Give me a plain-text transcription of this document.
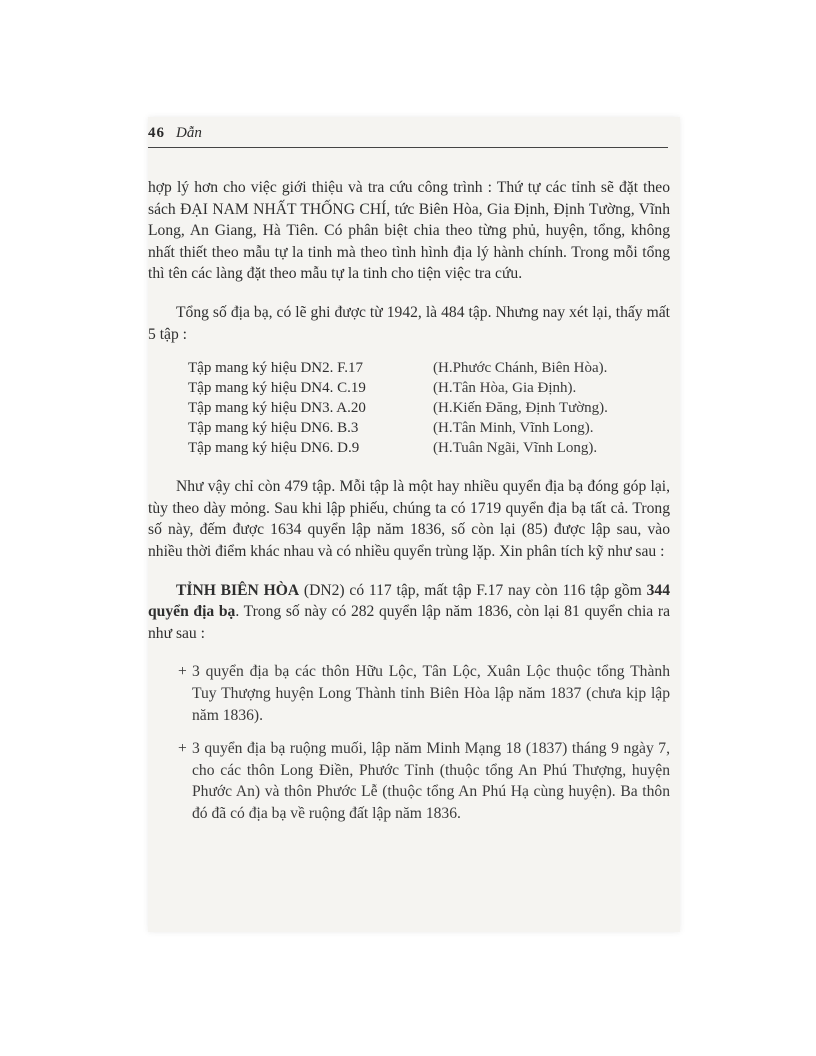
46 Dẫn

hợp lý hơn cho việc giới thiệu và tra cứu công trình : Thứ tự các tỉnh sẽ đặt theo sách ĐẠI NAM NHẤT THỐNG CHÍ, tức Biên Hòa, Gia Định, Định Tường, Vĩnh Long, An Giang, Hà Tiên. Có phân biệt chia theo từng phủ, huyện, tổng, không nhất thiết theo mẫu tự la tinh mà theo tình hình địa lý hành chính. Trong mỗi tổng thì tên các làng đặt theo mẫu tự la tinh cho tiện việc tra cứu.

Tổng số địa bạ, có lẽ ghi được từ 1942, là 484 tập. Nhưng nay xét lại, thấy mất 5 tập :

Tập mang ký hiệu DN2. F.17	(H.Phước Chánh, Biên Hòa).
Tập mang ký hiệu DN4. C.19	(H.Tân Hòa, Gia Định).
Tập mang ký hiệu DN3. A.20	(H.Kiến Đăng, Định Tường).
Tập mang ký hiệu DN6. B.3	(H.Tân Minh, Vĩnh Long).
Tập mang ký hiệu DN6. D.9	(H.Tuân Ngãi, Vĩnh Long).

Như vậy chỉ còn 479 tập. Mỗi tập là một hay nhiều quyển địa bạ đóng góp lại, tùy theo dày mỏng. Sau khi lập phiếu, chúng ta có 1719 quyển địa bạ tất cả. Trong số này, đếm được 1634 quyển lập năm 1836, số còn lại (85) được lập sau, vào nhiều thời điểm khác nhau và có nhiều quyển trùng lặp. Xin phân tích kỹ như sau :

TỈNH BIÊN HÒA (DN2) có 117 tập, mất tập F.17 nay còn 116 tập gồm 344 quyển địa bạ. Trong số này có 282 quyển lập năm 1836, còn lại 81 quyển chia ra như sau :

+ 3 quyển địa bạ các thôn Hữu Lộc, Tân Lộc, Xuân Lộc thuộc tổng Thành Tuy Thượng huyện Long Thành tỉnh Biên Hòa lập năm 1837 (chưa kịp lập năm 1836).
+ 3 quyển địa bạ ruộng muối, lập năm Minh Mạng 18 (1837) tháng 9 ngày 7, cho các thôn Long Điền, Phước Tỉnh (thuộc tổng An Phú Thượng, huyện Phước An) và thôn Phước Lễ (thuộc tổng An Phú Hạ cùng huyện). Ba thôn đó đã có địa bạ về ruộng đất lập năm 1836.
